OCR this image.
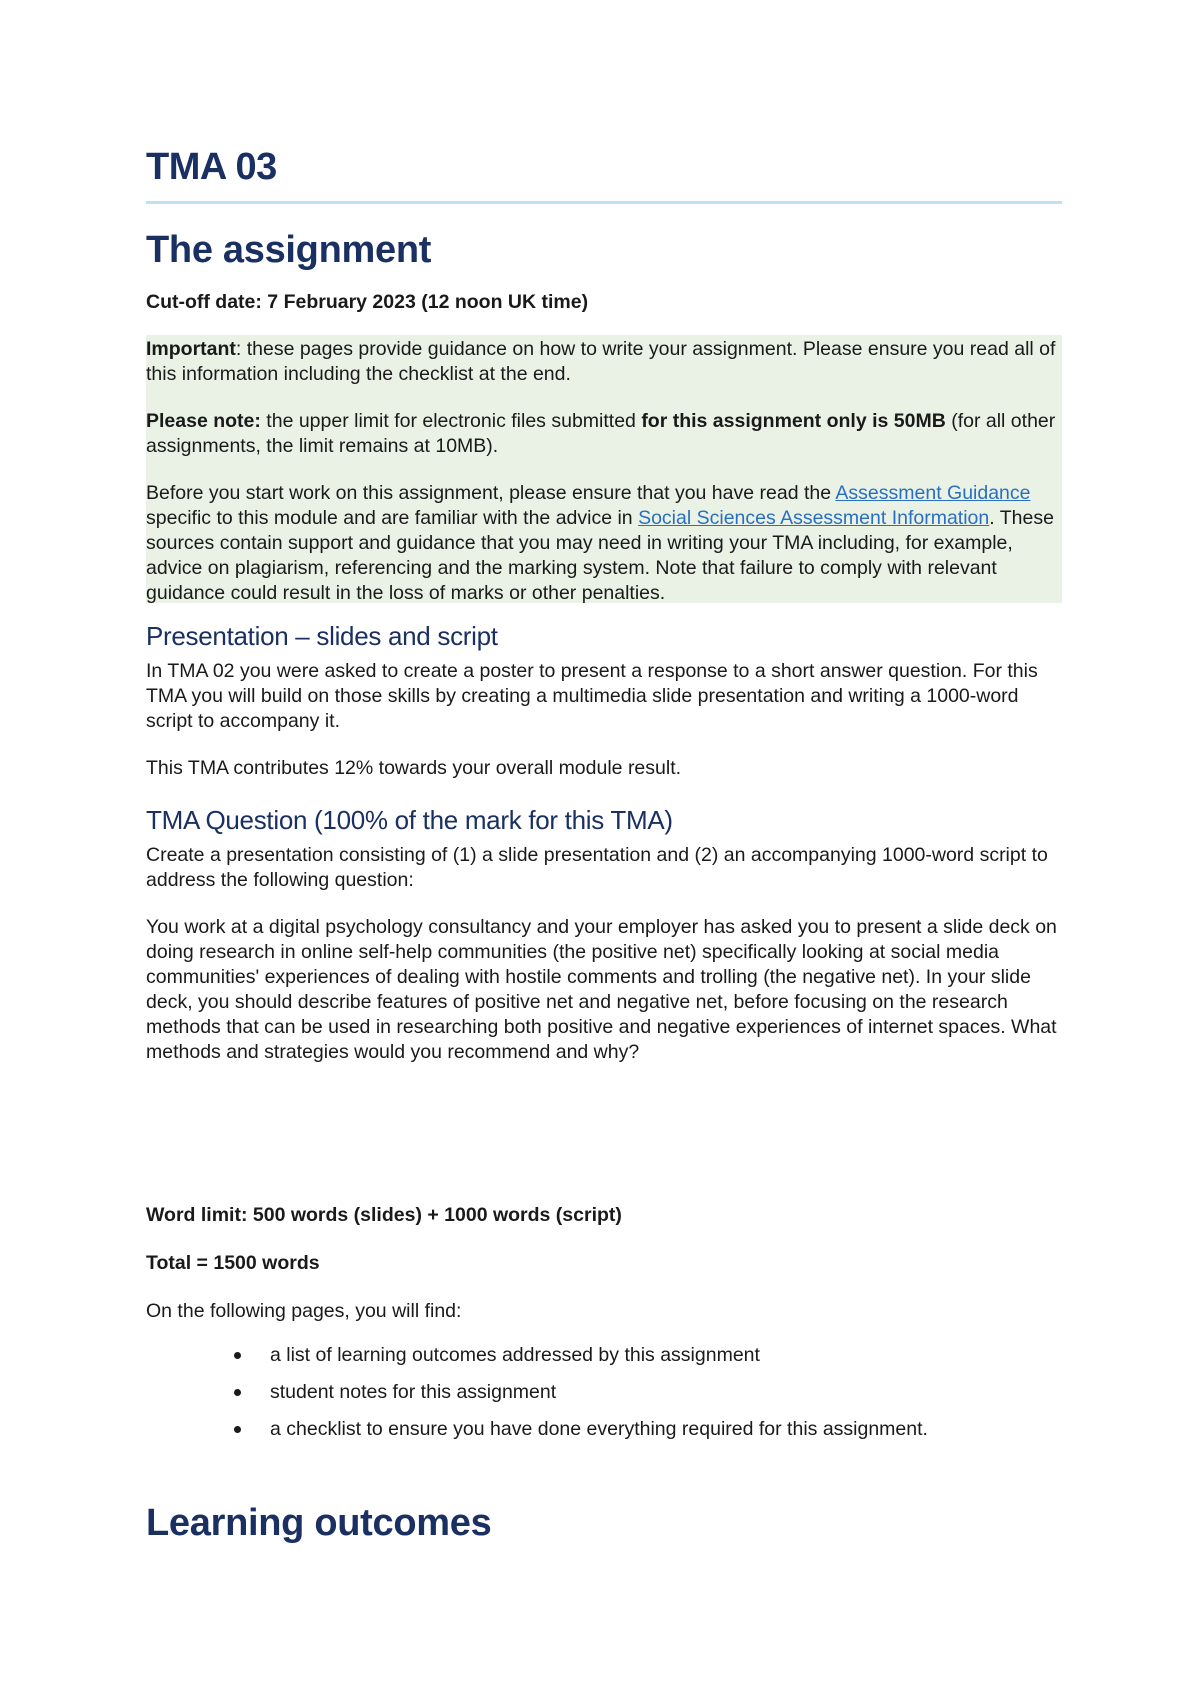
TMA 03
The assignment

Cut-off date: 7 February 2023 (12 noon UK time)

Important: these pages provide guidance on how to write your assignment. Please ensure you read all of this information including the checklist at the end.

Please note: the upper limit for electronic files submitted for this assignment only is 50MB (for all other assignments, the limit remains at 10MB).

Before you start work on this assignment, please ensure that you have read the Assessment Guidance specific to this module and are familiar with the advice in Social Sciences Assessment Information. These sources contain support and guidance that you may need in writing your TMA including, for example, advice on plagiarism, referencing and the marking system. Note that failure to comply with relevant guidance could result in the loss of marks or other penalties.

Presentation – slides and script

In TMA 02 you were asked to create a poster to present a response to a short answer question. For this TMA you will build on those skills by creating a multimedia slide presentation and writing a 1000-word script to accompany it.

This TMA contributes 12% towards your overall module result.

TMA Question (100% of the mark for this TMA)

Create a presentation consisting of (1) a slide presentation and (2) an accompanying 1000-word script to address the following question:

You work at a digital psychology consultancy and your employer has asked you to present a slide deck on doing research in online self-help communities (the positive net) specifically looking at social media communities' experiences of dealing with hostile comments and trolling (the negative net). In your slide deck, you should describe features of positive net and negative net, before focusing on the research methods that can be used in researching both positive and negative experiences of internet spaces. What methods and strategies would you recommend and why?

Word limit: 500 words (slides) + 1000 words (script)

Total = 1500 words

On the following pages, you will find:

a list of learning outcomes addressed by this assignment
student notes for this assignment
a checklist to ensure you have done everything required for this assignment.
Learning outcomes
